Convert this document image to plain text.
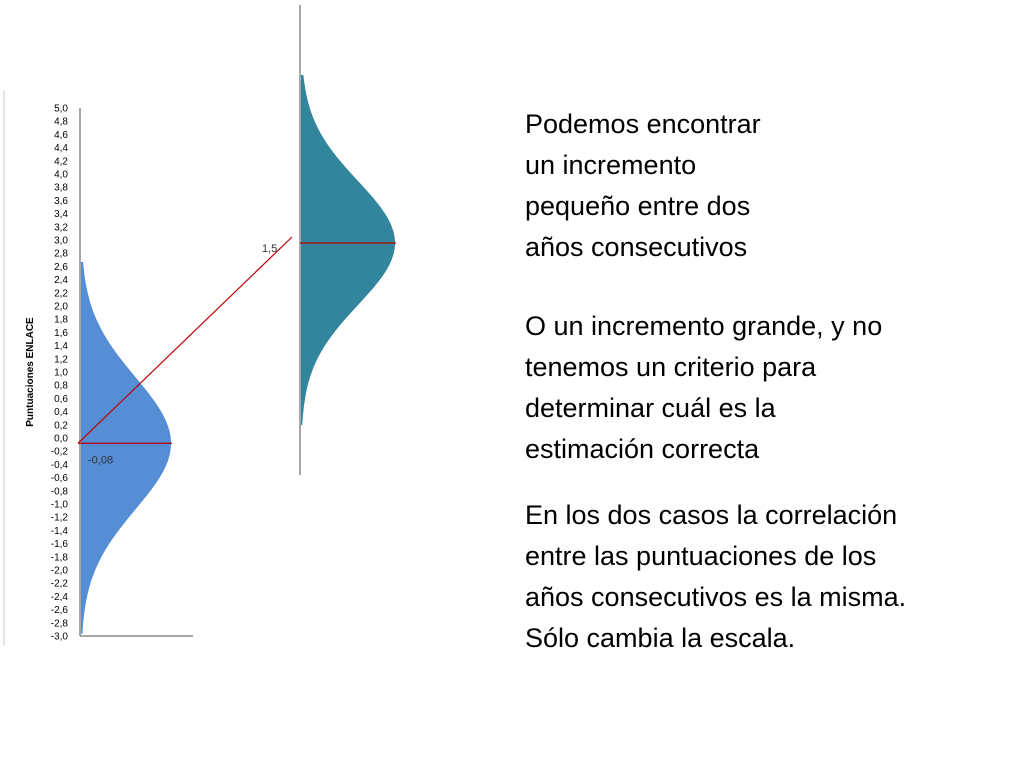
5,0
4,8
4,6
4,4
4,2
4,0
3,8
3,6
3,4
3,2
3,0
2,8
2,6
2,4
2,2
2,0
1,8
1,6
1,4
1,2
1,0
0,8
0,6
0,4
0,2
0,0
-0,2
-0,4
-0,6
-0,8
-1,0
-1,2
-1,4
-1,6
-1,8
-2,0
-2,2
-2,4
-2,6
-2,8
-3,0
-0,08
1,5
Puntuaciones ENLACE
Podemos encontrar
un incremento
pequeño entre dos
años consecutivos
O un incremento grande, y no
tenemos un criterio para
determinar cuál es la
estimación correcta
En los dos casos la correlación
entre las puntuaciones de los
años consecutivos es la misma.
Sólo cambia la escala.
